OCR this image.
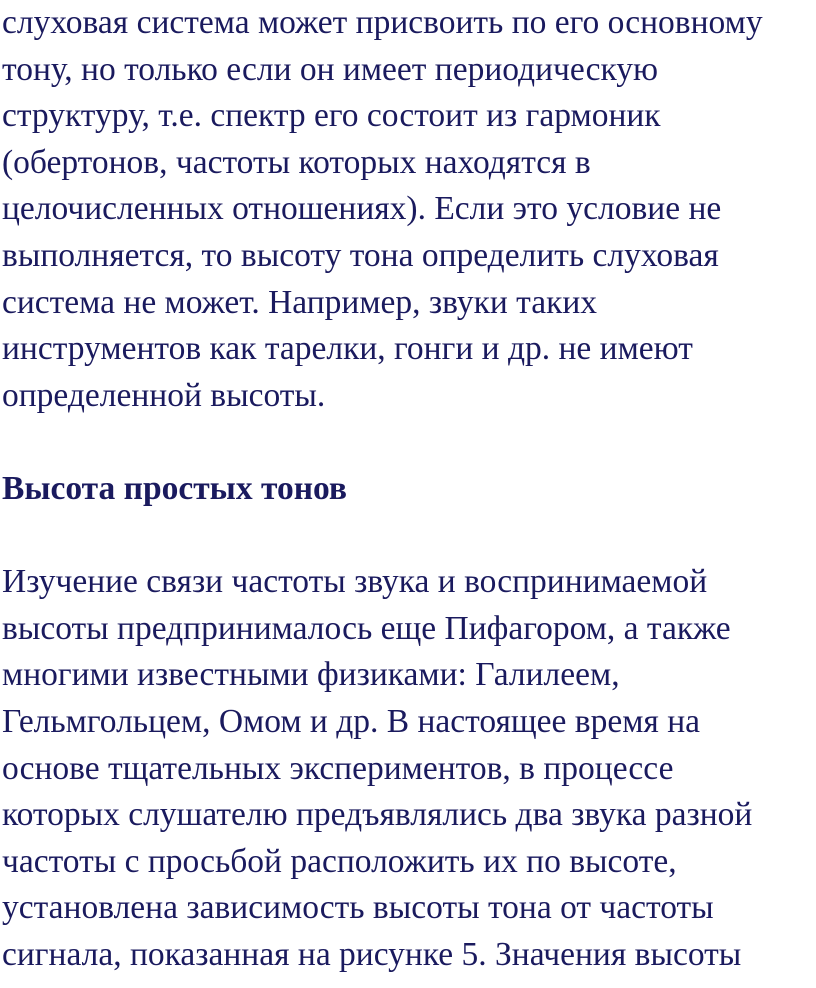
слуховая система может присвоить по его основному
тону, но только если он имеет периодическую
структуру, т.е. спектр его состоит из гармоник
(обертонов, частоты которых находятся в
целочисленных отношениях). Если это условие не
выполняется, то высоту тона определить слуховая
система не может. Например, звуки таких
инструментов как тарелки, гонги и др. не имеют
определенной высоты.
Высота простых тонов
Изучение связи частоты звука и воспринимаемой
высоты предпринималось еще Пифагором, а также
многими известными физиками: Галилеем,
Гельмгольцем, Омом и др. В настоящее время на
основе тщательных экспериментов, в процессе
которых слушателю предъявлялись два звука разной
частоты с просьбой расположить их по высоте,
установлена зависимость высоты тона от частоты
сигнала, показанная на рисунке 5. Значения высоты
